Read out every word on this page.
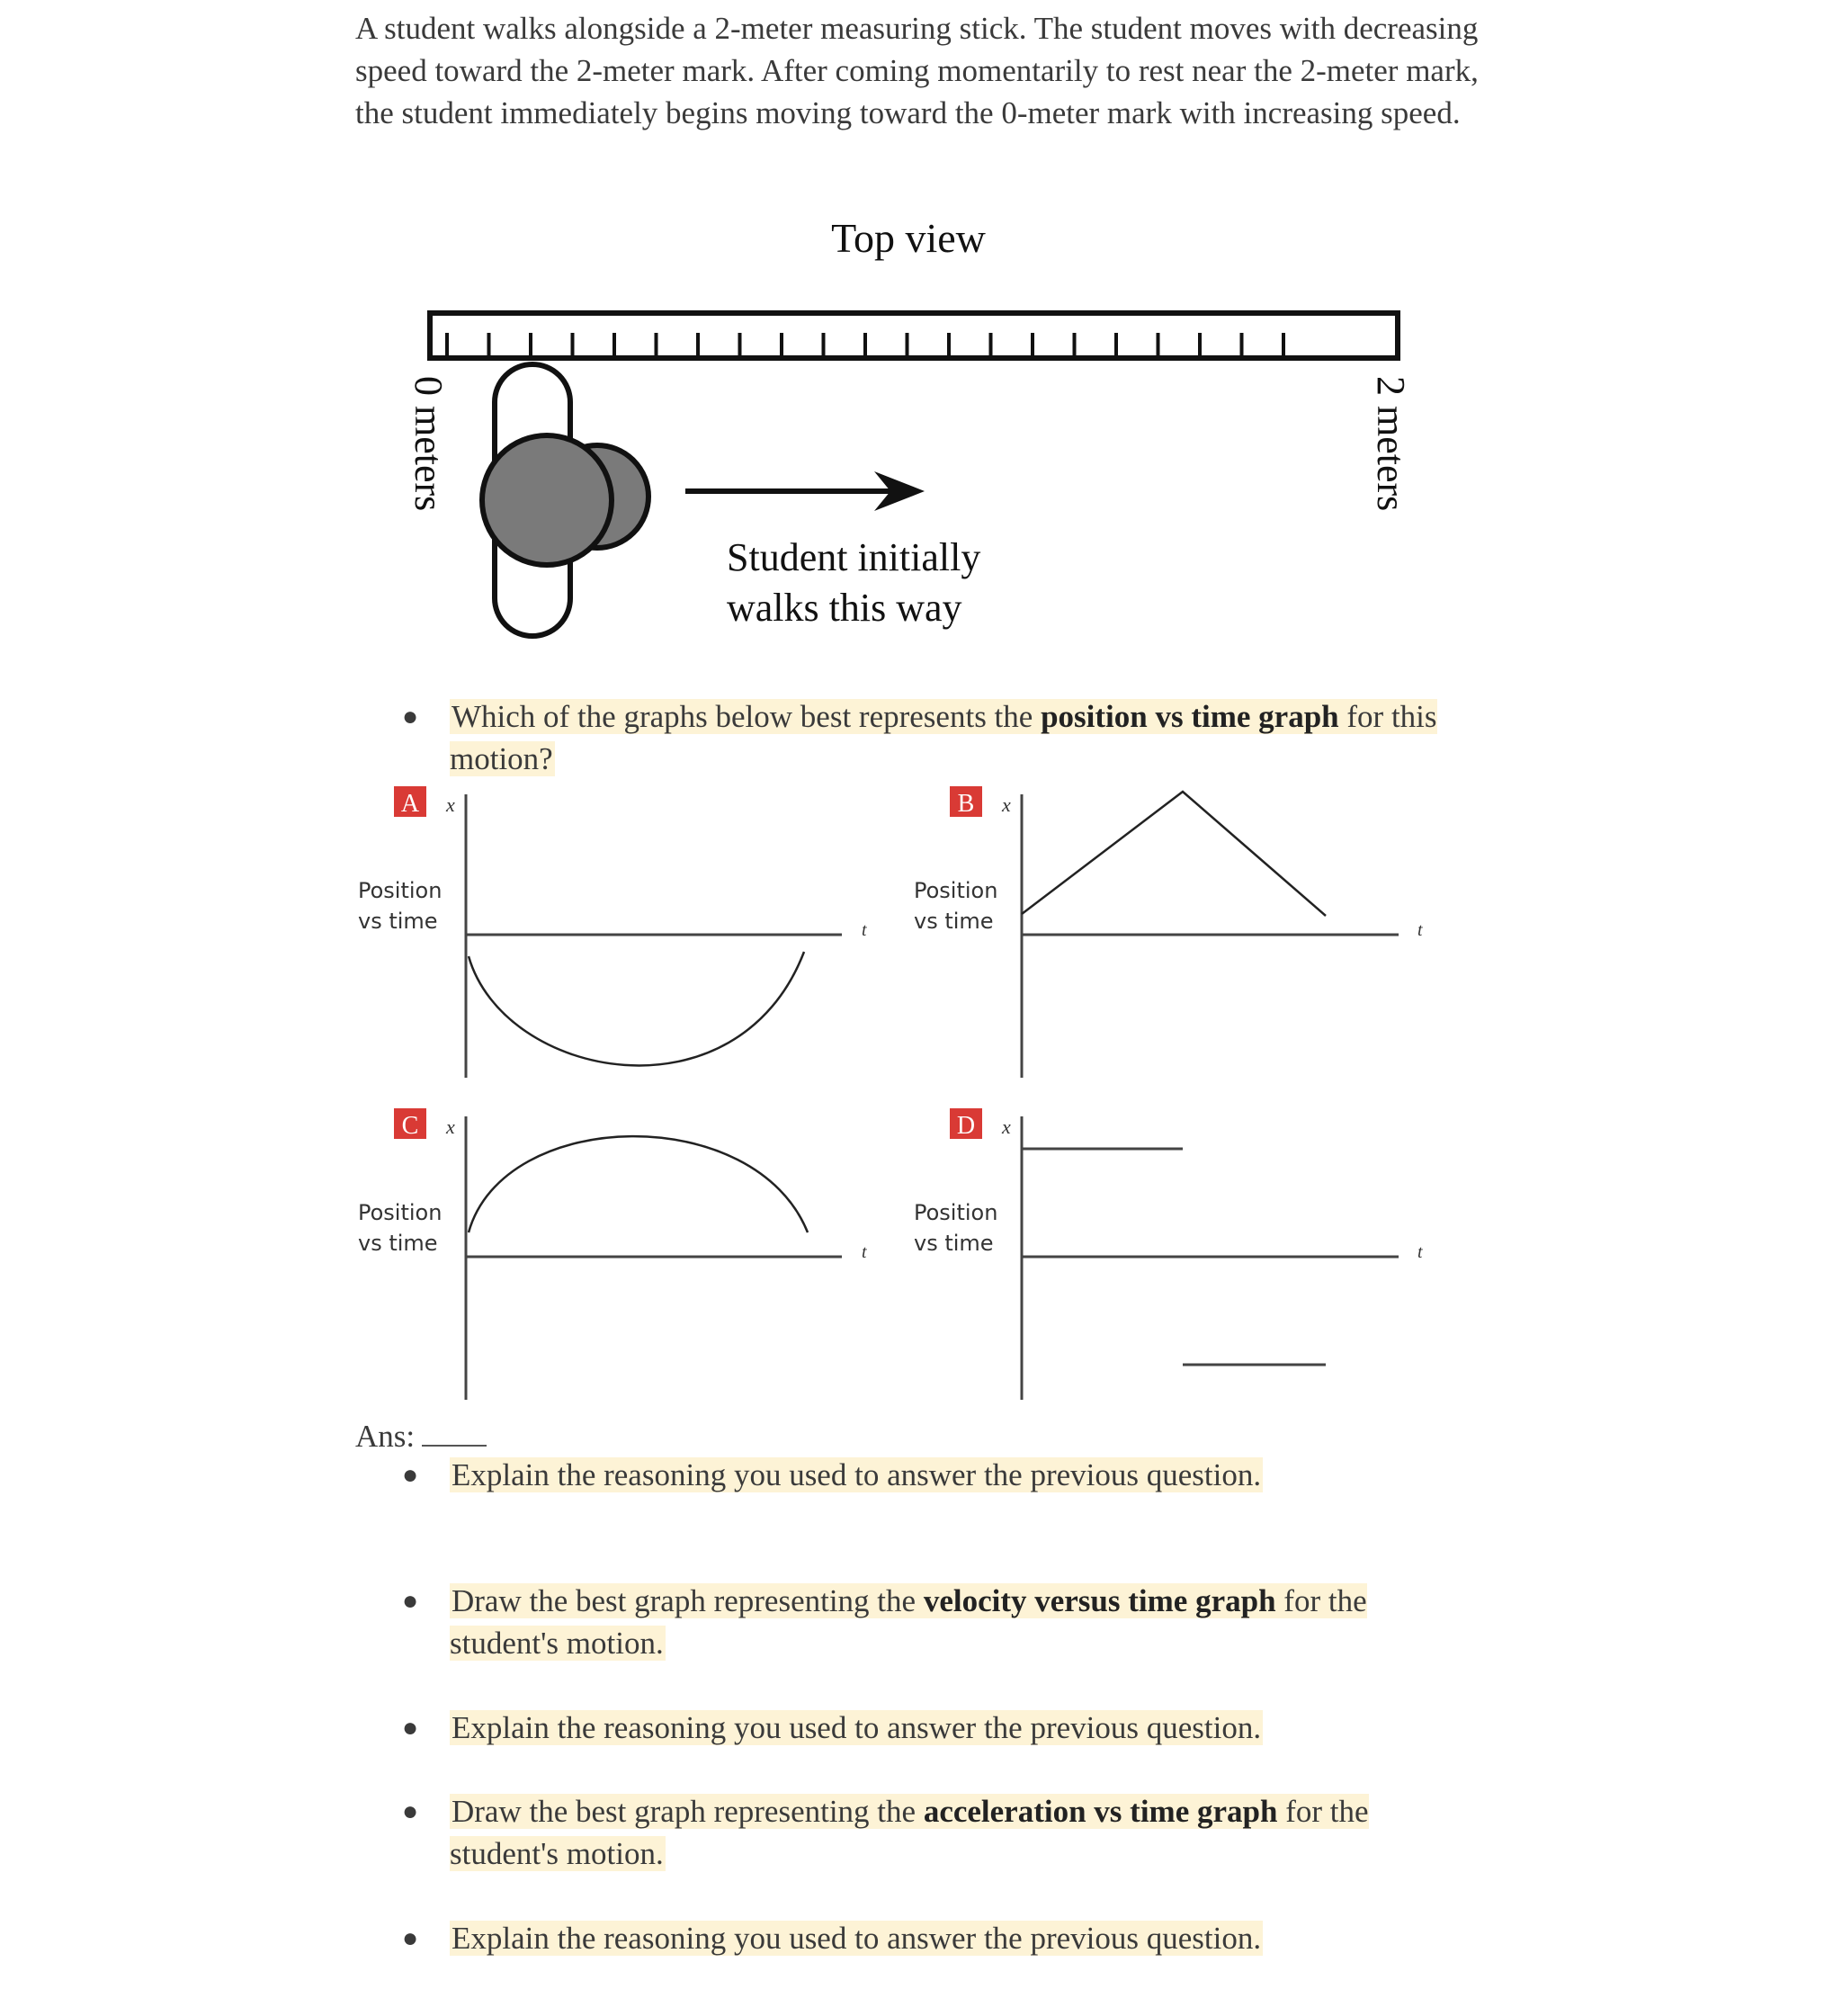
A student walks alongside a 2-meter measuring stick. The student moves with decreasing speed toward the 2-meter mark. After coming momentarily to rest near the 2-meter mark, the student immediately begins moving toward the 0-meter mark with increasing speed.

Top view
0 meters	2 meters
Student initially
walks this way
A x
Position
vs time	t
B x
Position
vs time	t
C x
Position
vs time	t
D x
Position
vs time	t
● Which of the graphs below best represents the position vs time graph for this motion?
Ans:
● Explain the reasoning you used to answer the previous question.
● Draw the best graph representing the velocity versus time graph for the student's motion.
● Explain the reasoning you used to answer the previous question.
● Draw the best graph representing the acceleration vs time graph for the student's motion.
● Explain the reasoning you used to answer the previous question.
